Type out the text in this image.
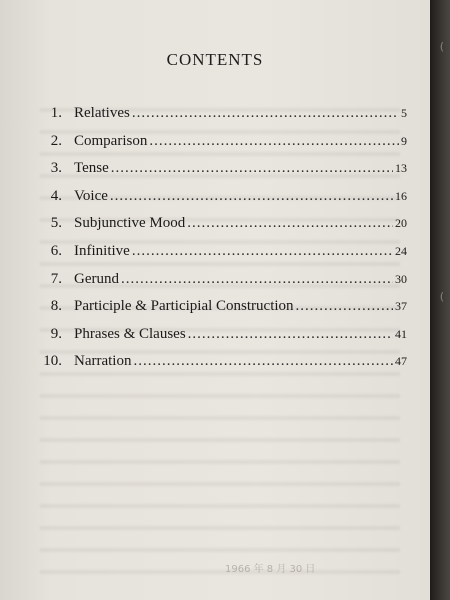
CONTENTS
1. Relatives .....	5
2. Comparison .....	9
3. Tense .....	13
4. Voice .....	16
5. Subjunctive Mood .....	20
6. Infinitive .....	24
7. Gerund .....	30
8. Participle & Participial Construction .....	37
9. Phrases & Clauses .....	41
10. Narration .....	47
1966 年 8 月 30 日
(
(
